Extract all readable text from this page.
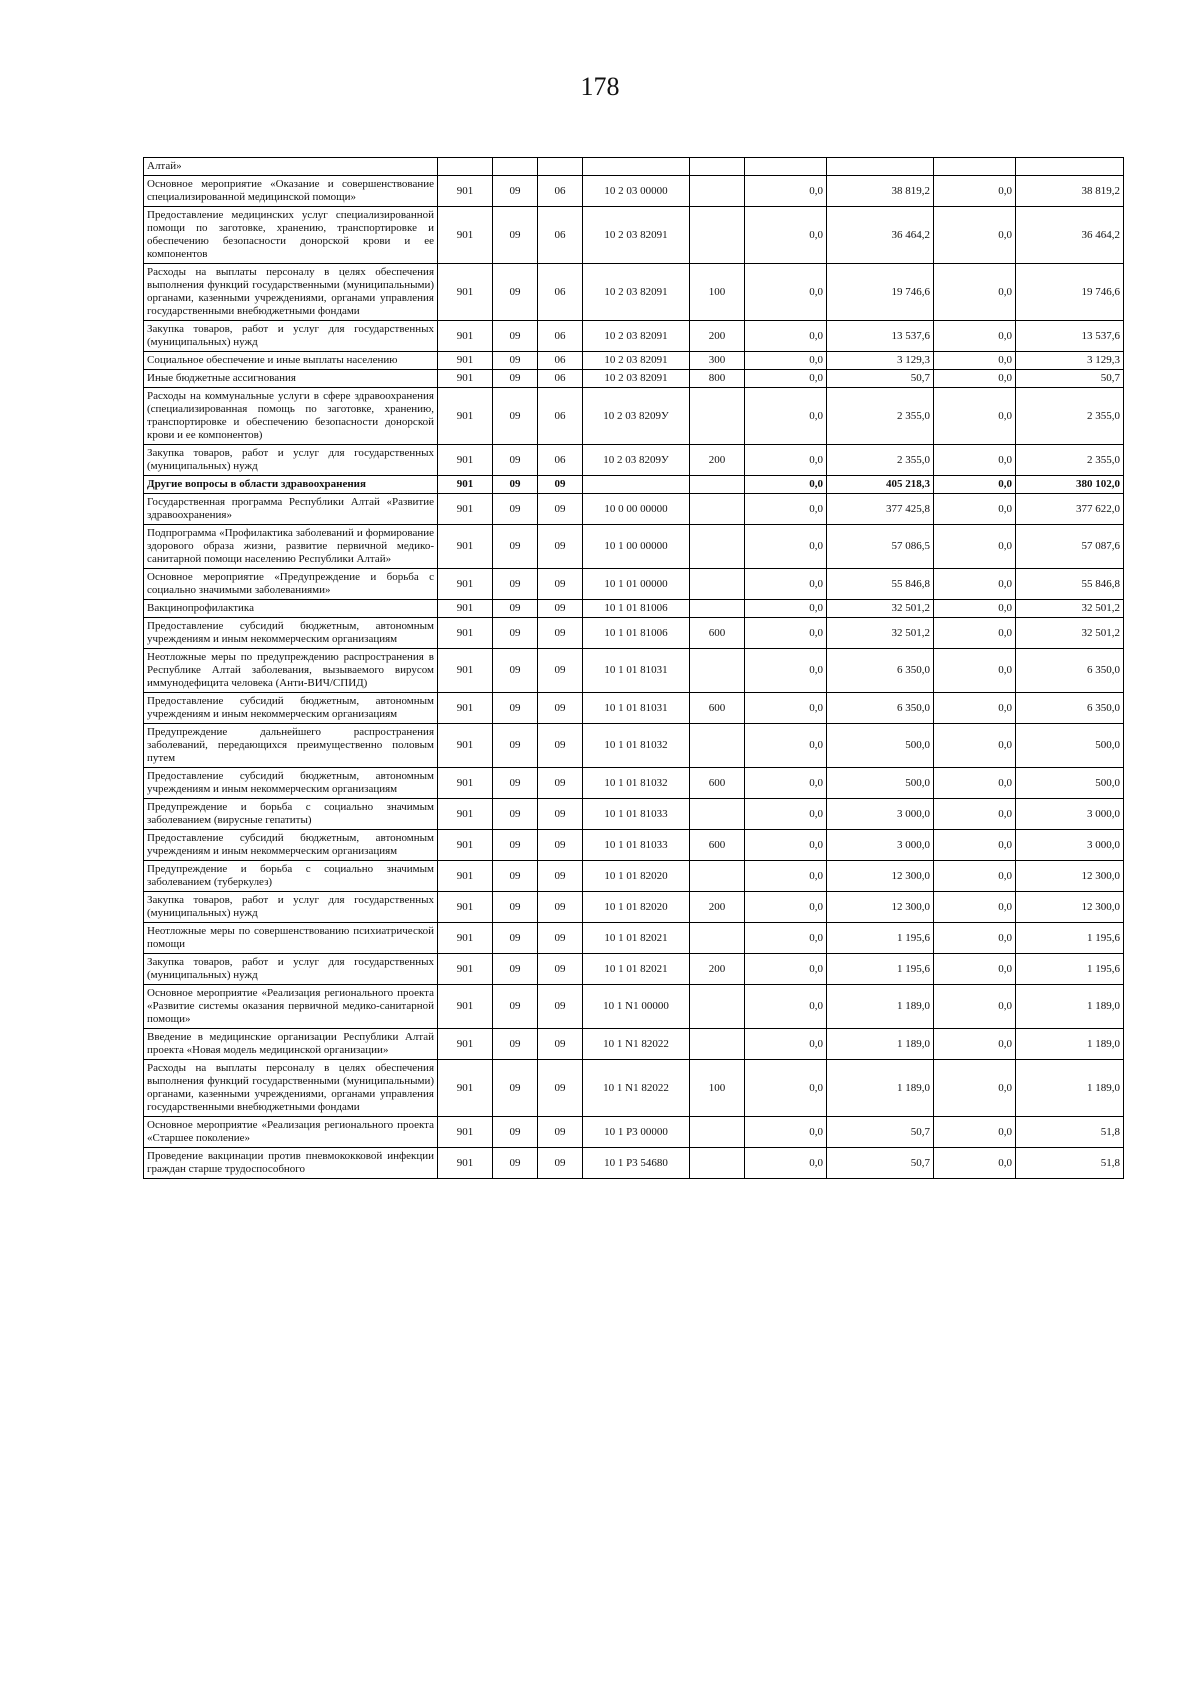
178
Алтай»									
Основное мероприятие «Оказание и совершенствование специализированной медицинской помощи»	901	09	06	10 2 03 00000		0,0	38 819,2	0,0	38 819,2
Предоставление медицинских услуг специализированной помощи по заготовке, хранению, транспортировке и обеспечению безопасности донорской крови и ее компонентов	901	09	06	10 2 03 82091		0,0	36 464,2	0,0	36 464,2
Расходы на выплаты персоналу в целях обеспечения выполнения функций государственными (муниципальными) органами, казенными учреждениями, органами управления государственными внебюджетными фондами	901	09	06	10 2 03 82091	100	0,0	19 746,6	0,0	19 746,6
Закупка товаров, работ и услуг для государственных (муниципальных) нужд	901	09	06	10 2 03 82091	200	0,0	13 537,6	0,0	13 537,6
Социальное обеспечение и иные выплаты населению	901	09	06	10 2 03 82091	300	0,0	3 129,3	0,0	3 129,3
Иные бюджетные ассигнования	901	09	06	10 2 03 82091	800	0,0	50,7	0,0	50,7
Расходы на коммунальные услуги в сфере здравоохранения (специализированная помощь по заготовке, хранению, транспортировке и обеспечению безопасности донорской крови и ее компонентов)	901	09	06	10 2 03 8209У		0,0	2 355,0	0,0	2 355,0
Закупка товаров, работ и услуг для государственных (муниципальных) нужд	901	09	06	10 2 03 8209У	200	0,0	2 355,0	0,0	2 355,0
Другие вопросы в области здравоохранения	901	09	09			0,0	405 218,3	0,0	380 102,0
Государственная программа Республики Алтай «Развитие здравоохранения»	901	09	09	10 0 00 00000		0,0	377 425,8	0,0	377 622,0
Подпрограмма «Профилактика заболеваний и формирование здорового образа жизни, развитие первичной медико-санитарной помощи населению Республики Алтай»	901	09	09	10 1 00 00000		0,0	57 086,5	0,0	57 087,6
Основное мероприятие «Предупреждение и борьба с социально значимыми заболеваниями»	901	09	09	10 1 01 00000		0,0	55 846,8	0,0	55 846,8
Вакцинопрофилактика	901	09	09	10 1 01 81006		0,0	32 501,2	0,0	32 501,2
Предоставление субсидий бюджетным, автономным учреждениям и иным некоммерческим организациям	901	09	09	10 1 01 81006	600	0,0	32 501,2	0,0	32 501,2
Неотложные меры по предупреждению распространения в Республике Алтай заболевания, вызываемого вирусом иммунодефицита человека (Анти-ВИЧ/СПИД)	901	09	09	10 1 01 81031		0,0	6 350,0	0,0	6 350,0
Предоставление субсидий бюджетным, автономным учреждениям и иным некоммерческим организациям	901	09	09	10 1 01 81031	600	0,0	6 350,0	0,0	6 350,0
Предупреждение дальнейшего распространения заболеваний, передающихся преимущественно половым путем	901	09	09	10 1 01 81032		0,0	500,0	0,0	500,0
Предоставление субсидий бюджетным, автономным учреждениям и иным некоммерческим организациям	901	09	09	10 1 01 81032	600	0,0	500,0	0,0	500,0
Предупреждение и борьба с социально значимым заболеванием (вирусные гепатиты)	901	09	09	10 1 01 81033		0,0	3 000,0	0,0	3 000,0
Предоставление субсидий бюджетным, автономным учреждениям и иным некоммерческим организациям	901	09	09	10 1 01 81033	600	0,0	3 000,0	0,0	3 000,0
Предупреждение и борьба с социально значимым заболеванием (туберкулез)	901	09	09	10 1 01 82020		0,0	12 300,0	0,0	12 300,0
Закупка товаров, работ и услуг для государственных (муниципальных) нужд	901	09	09	10 1 01 82020	200	0,0	12 300,0	0,0	12 300,0
Неотложные меры по совершенствованию психиатрической помощи	901	09	09	10 1 01 82021		0,0	1 195,6	0,0	1 195,6
Закупка товаров, работ и услуг для государственных (муниципальных) нужд	901	09	09	10 1 01 82021	200	0,0	1 195,6	0,0	1 195,6
Основное мероприятие «Реализация регионального проекта «Развитие системы оказания первичной медико-санитарной помощи»	901	09	09	10 1 N1 00000		0,0	1 189,0	0,0	1 189,0
Введение в медицинские организации Республики Алтай проекта «Новая модель медицинской организации»	901	09	09	10 1 N1 82022		0,0	1 189,0	0,0	1 189,0
Расходы на выплаты персоналу в целях обеспечения выполнения функций государственными (муниципальными) органами, казенными учреждениями, органами управления государственными внебюджетными фондами	901	09	09	10 1 N1 82022	100	0,0	1 189,0	0,0	1 189,0
Основное мероприятие «Реализация регионального проекта «Старшее поколение»	901	09	09	10 1 P3 00000		0,0	50,7	0,0	51,8
Проведение вакцинации против пневмококковой инфекции граждан старше трудоспособного	901	09	09	10 1 P3 54680		0,0	50,7	0,0	51,8
